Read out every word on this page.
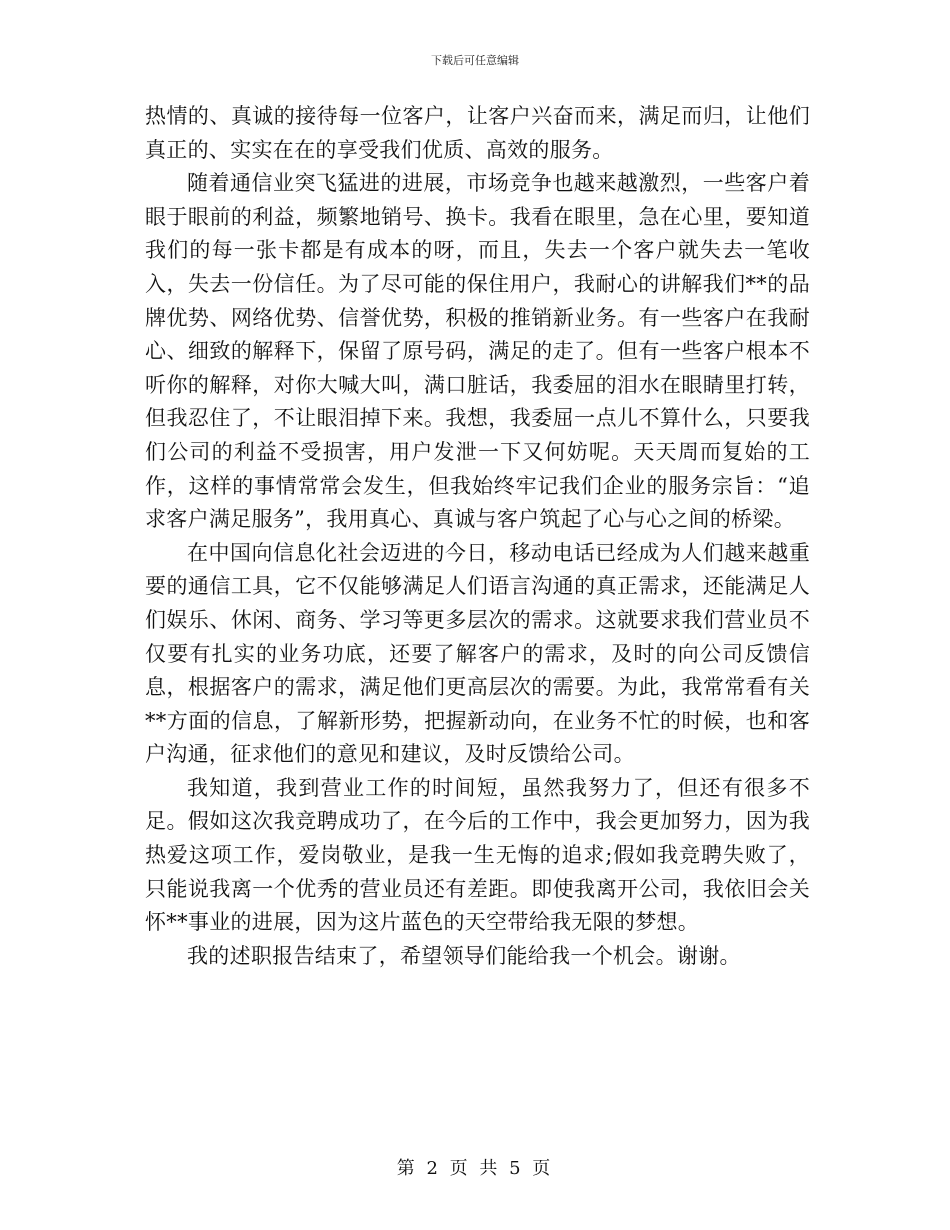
下载后可任意编辑

热情的、真诚的接待每一位客户，让客户兴奋而来，满足而归，让他们真正的、实实在在的享受我们优质、高效的服务。

随着通信业突飞猛进的进展，市场竞争也越来越激烈，一些客户着眼于眼前的利益，频繁地销号、换卡。我看在眼里，急在心里，要知道我们的每一张卡都是有成本的呀，而且，失去一个客户就失去一笔收入，失去一份信任。为了尽可能的保住用户，我耐心的讲解我们**的品牌优势、网络优势、信誉优势，积极的推销新业务。有一些客户在我耐心、细致的解释下，保留了原号码，满足的走了。但有一些客户根本不听你的解释，对你大喊大叫，满口脏话，我委屈的泪水在眼睛里打转，但我忍住了，不让眼泪掉下来。我想，我委屈一点儿不算什么，只要我们公司的利益不受损害，用户发泄一下又何妨呢。天天周而复始的工作，这样的事情常常会发生，但我始终牢记我们企业的服务宗旨：“追求客户满足服务”，我用真心、真诚与客户筑起了心与心之间的桥梁。

在中国向信息化社会迈进的今日，移动电话已经成为人们越来越重要的通信工具，它不仅能够满足人们语言沟通的真正需求，还能满足人们娱乐、休闲、商务、学习等更多层次的需求。这就要求我们营业员不仅要有扎实的业务功底，还要了解客户的需求，及时的向公司反馈信息，根据客户的需求，满足他们更高层次的需要。为此，我常常看有关**方面的信息，了解新形势，把握新动向，在业务不忙的时候，也和客户沟通，征求他们的意见和建议，及时反馈给公司。

我知道，我到营业工作的时间短，虽然我努力了，但还有很多不足。假如这次我竞聘成功了，在今后的工作中，我会更加努力，因为我热爱这项工作，爱岗敬业，是我一生无悔的追求;假如我竞聘失败了，只能说我离一个优秀的营业员还有差距。即使我离开公司，我依旧会关怀**事业的进展，因为这片蓝色的天空带给我无限的梦想。

我的述职报告结束了，希望领导们能给我一个机会。谢谢。

第 2 页 共 5 页
